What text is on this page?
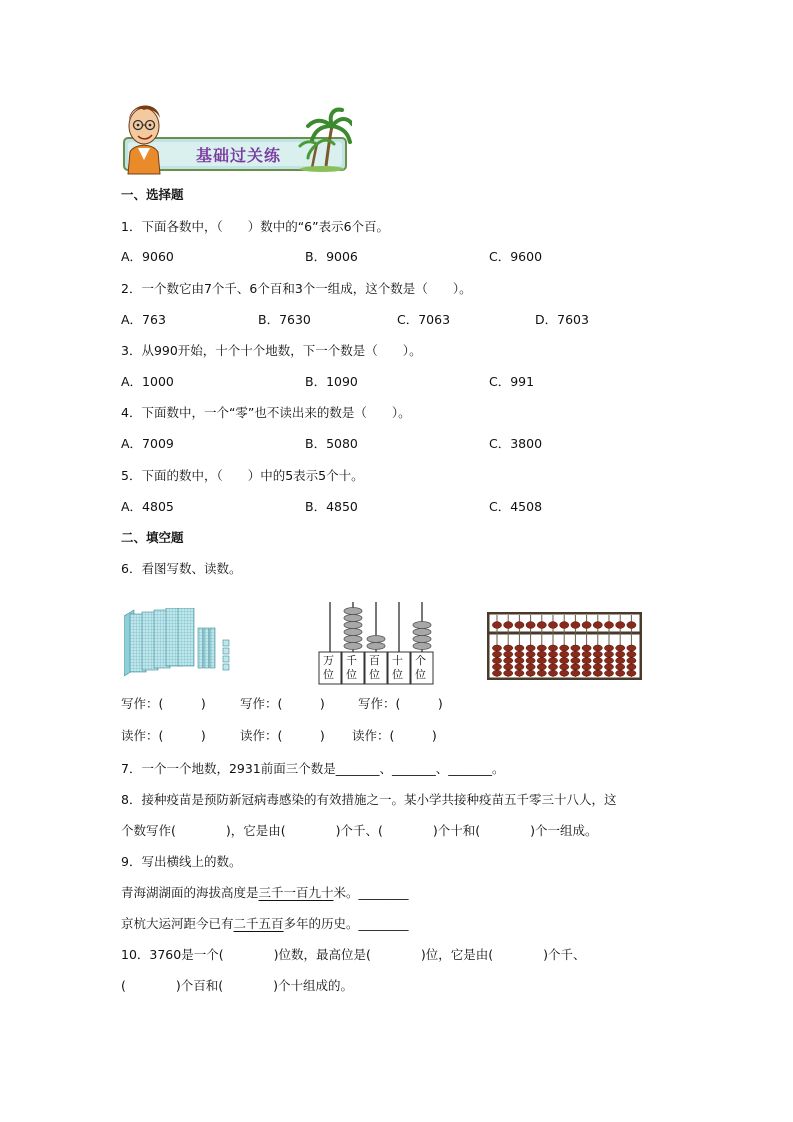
基础过关练
一、选择题
1．下面各数中，（　　）数中的“6”表示6个百。
A．9060	B．9006	C．9600
2．一个数它由7个千、6个百和3个一组成，这个数是（　　）。
A．763	B．7630	C．7063	D．7603
3．从990开始，十个十个地数，下一个数是（　　）。
A．1000	B．1090	C．991
4．下面数中，一个“零”也不读出来的数是（　　）。
A．7009	B．5080	C．3800
5．下面的数中，（　　）中的5表示5个十。
A．4805	B．4850	C．4508
二、填空题
6．看图写数、读数。
万
位
千
位
百
位
十
位
个
位
写作：(　　　)	写作：(　　　)	写作：(　　　)
读作：(　　　)	读作：(　　　) 读作：(　　　)
7．一个一个地数，2931前面三个数是_______、_______、_______。
8．接种疫苗是预防新冠病毒感染的有效措施之一。某小学共接种疫苗五千零三十八人，这
个数写作(　　　　)，它是由(　　　　)个千、(　　　　)个十和(　　　　)个一组成。
9．写出横线上的数。
青海湖湖面的海拔高度是三千一百九十米。________
京杭大运河距今已有二千五百多年的历史。________
10．3760是一个(　　　　)位数，最高位是(　　　　)位，它是由(　　　　)个千、
(　　　　)个百和(　　　　)个十组成的。
